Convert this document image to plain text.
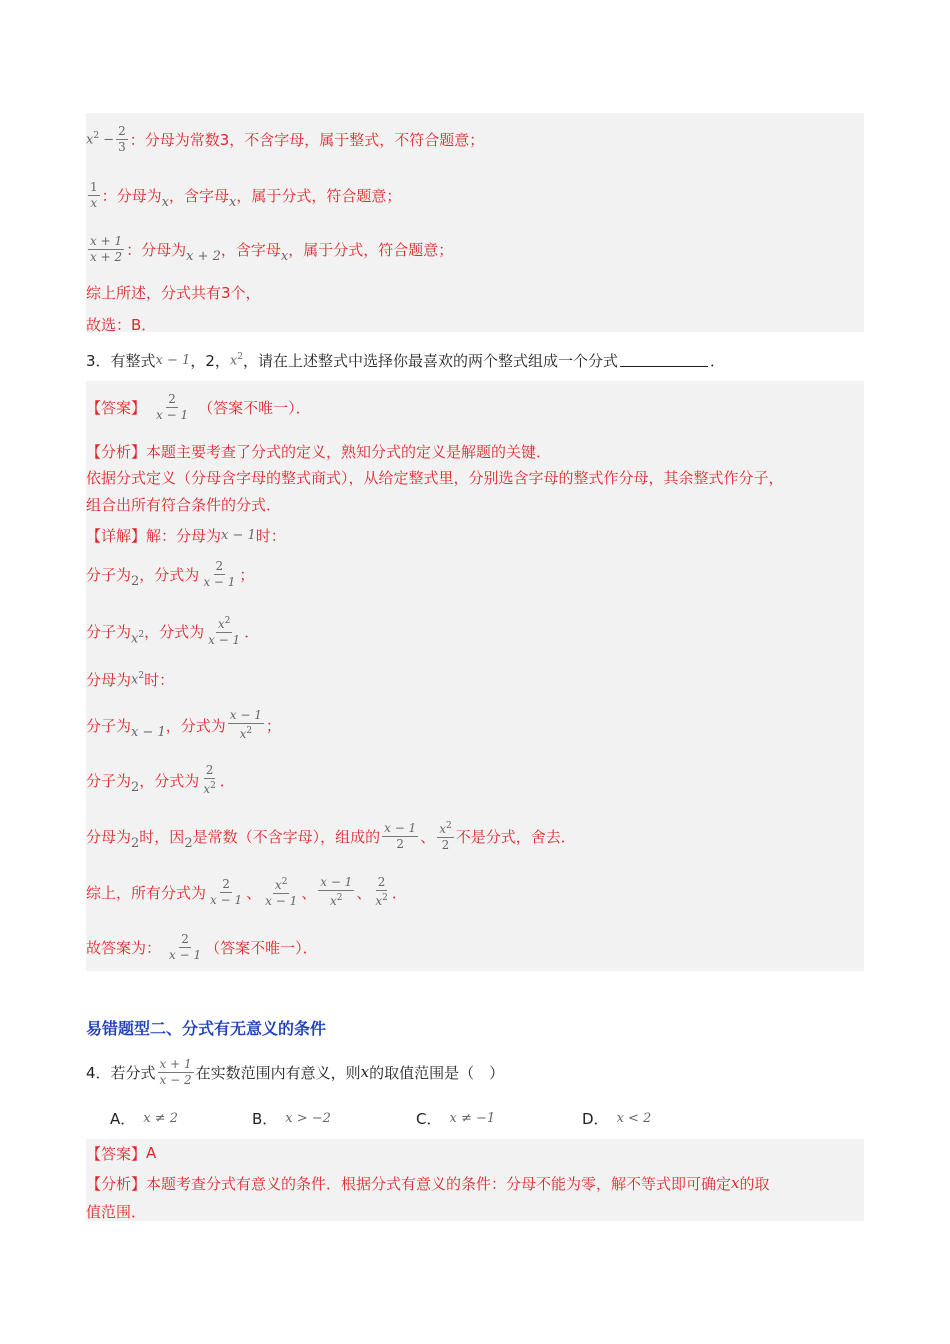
$x^2 - \frac{2}{3}$ ：分母为常数3，不含字母，属于整式，不符合题意；
$\frac{1}{x}$ ：分母为 x ，含字母 x ，属于分式，符合题意；
$\frac{x + 1}{x + 2}$ ：分母为 x + 2 ，含字母 x ，属于分式，符合题意；
综上所述，分式共有3个，
故选：B．
3．有整式 x − 1 ，2， $x^2$ ，请在上述整式中选择你最喜欢的两个整式组成一个分式	．
【答案】 $\frac{2}{x - 1}$ （答案不唯一）．
【分析】 本题主要考查了分式的定义，熟知分式的定义是解题的关键．
依据分式定义（分母含字母的整式商式），从给定整式里，分别选含字母的整式作分母，其余整式作分子，
组合出所有符合条件的分式．
【详解】 解：分母为 x − 1 时：
分子为 2 ，分式为 $\frac{2}{x - 1}$ ；
分子为 $x^2$ ，分式为 $\frac{x^2}{x - 1}$ ．
分母为 $x^2$ 时：
分子为 x − 1 ，分式为 $\frac{x - 1}{x^2}$ ；
分子为 2 ，分式为 $\frac{2}{x^2}$ ．
分母为 2 时，因 2 是常数（不含字母），组成的 $\frac{x - 1}{2}$ 、 $\frac{x^2}{2}$ 不是分式，舍去．
综上，所有分式为 $\frac{2}{x - 1}$ 、 $\frac{x^2}{x - 1}$ 、 $\frac{x - 1}{x^2}$ 、 $\frac{2}{x^2}$ ．
故答案为： $\frac{2}{x - 1}$ （答案不唯一）．
易错题型二、分式有无意义的条件
4．若分式 $\frac{x + 1}{x - 2}$ 在实数范围内有意义，则 x 的取值范围是（　）
A． x ≠ 2	B． x > −2	C． x ≠ −1	D． x < 2
【答案】 A
【分析】 本题考查分式有意义的条件．根据分式有意义的条件：分母不能为零，解不等式即可确定 x 的取
值范围．
